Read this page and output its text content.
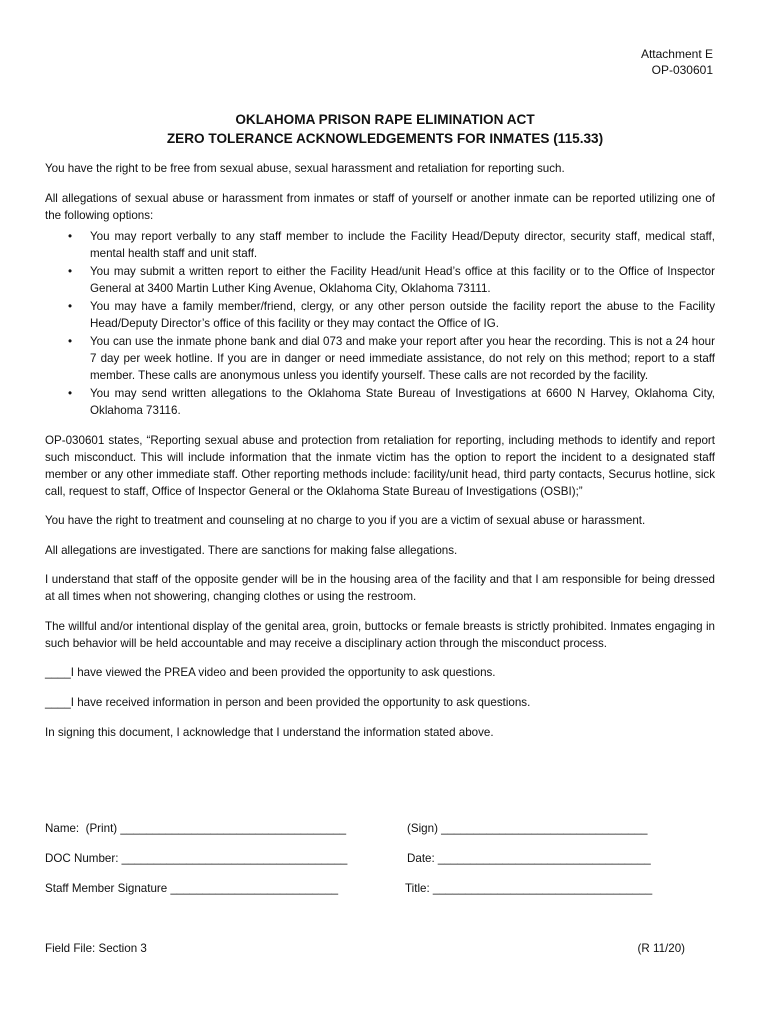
Attachment E
OP-030601
OKLAHOMA PRISON RAPE ELIMINATION ACT
ZERO TOLERANCE ACKNOWLEDGEMENTS FOR INMATES (115.33)

You have the right to be free from sexual abuse, sexual harassment and retaliation for reporting such.

All allegations of sexual abuse or harassment from inmates or staff of yourself or another inmate can be reported utilizing one of the following options:

• You may report verbally to any staff member to include the Facility Head/Deputy director, security staff, medical staff, mental health staff and unit staff.
• You may submit a written report to either the Facility Head/unit Head’s office at this facility or to the Office of Inspector General at 3400 Martin Luther King Avenue, Oklahoma City, Oklahoma 73111.
• You may have a family member/friend, clergy, or any other person outside the facility report the abuse to the Facility Head/Deputy Director’s office of this facility or they may contact the Office of IG.
• You can use the inmate phone bank and dial 073 and make your report after you hear the recording. This is not a 24 hour 7 day per week hotline. If you are in danger or need immediate assistance, do not rely on this method; report to a staff member. These calls are anonymous unless you identify yourself. These calls are not recorded by the facility.
• You may send written allegations to the Oklahoma State Bureau of Investigations at 6600 N Harvey, Oklahoma City, Oklahoma 73116.

OP-030601 states, “Reporting sexual abuse and protection from retaliation for reporting, including methods to identify and report such misconduct. This will include information that the inmate victim has the option to report the incident to a designated staff member or any other immediate staff. Other reporting methods include: facility/unit head, third party contacts, Securus hotline, sick call, request to staff, Office of Inspector General or the Oklahoma State Bureau of Investigations (OSBI);”

You have the right to treatment and counseling at no charge to you if you are a victim of sexual abuse or harassment.

All allegations are investigated. There are sanctions for making false allegations.

I understand that staff of the opposite gender will be in the housing area of the facility and that I am responsible for being dressed at all times when not showering, changing clothes or using the restroom.

The willful and/or intentional display of the genital area, groin, buttocks or female breasts is strictly prohibited. Inmates engaging in such behavior will be held accountable and may receive a disciplinary action through the misconduct process.

____I have viewed the PREA video and been provided the opportunity to ask questions.
____I have received information in person and been provided the opportunity to ask questions.
In signing this document, I acknowledge that I understand the information stated above.
Name:  (Print) ___________________________________	(Sign) ________________________________
DOC Number: ___________________________________	Date: _________________________________
Staff Member Signature __________________________	Title: __________________________________
Field File: Section 3	(R 11/20)
